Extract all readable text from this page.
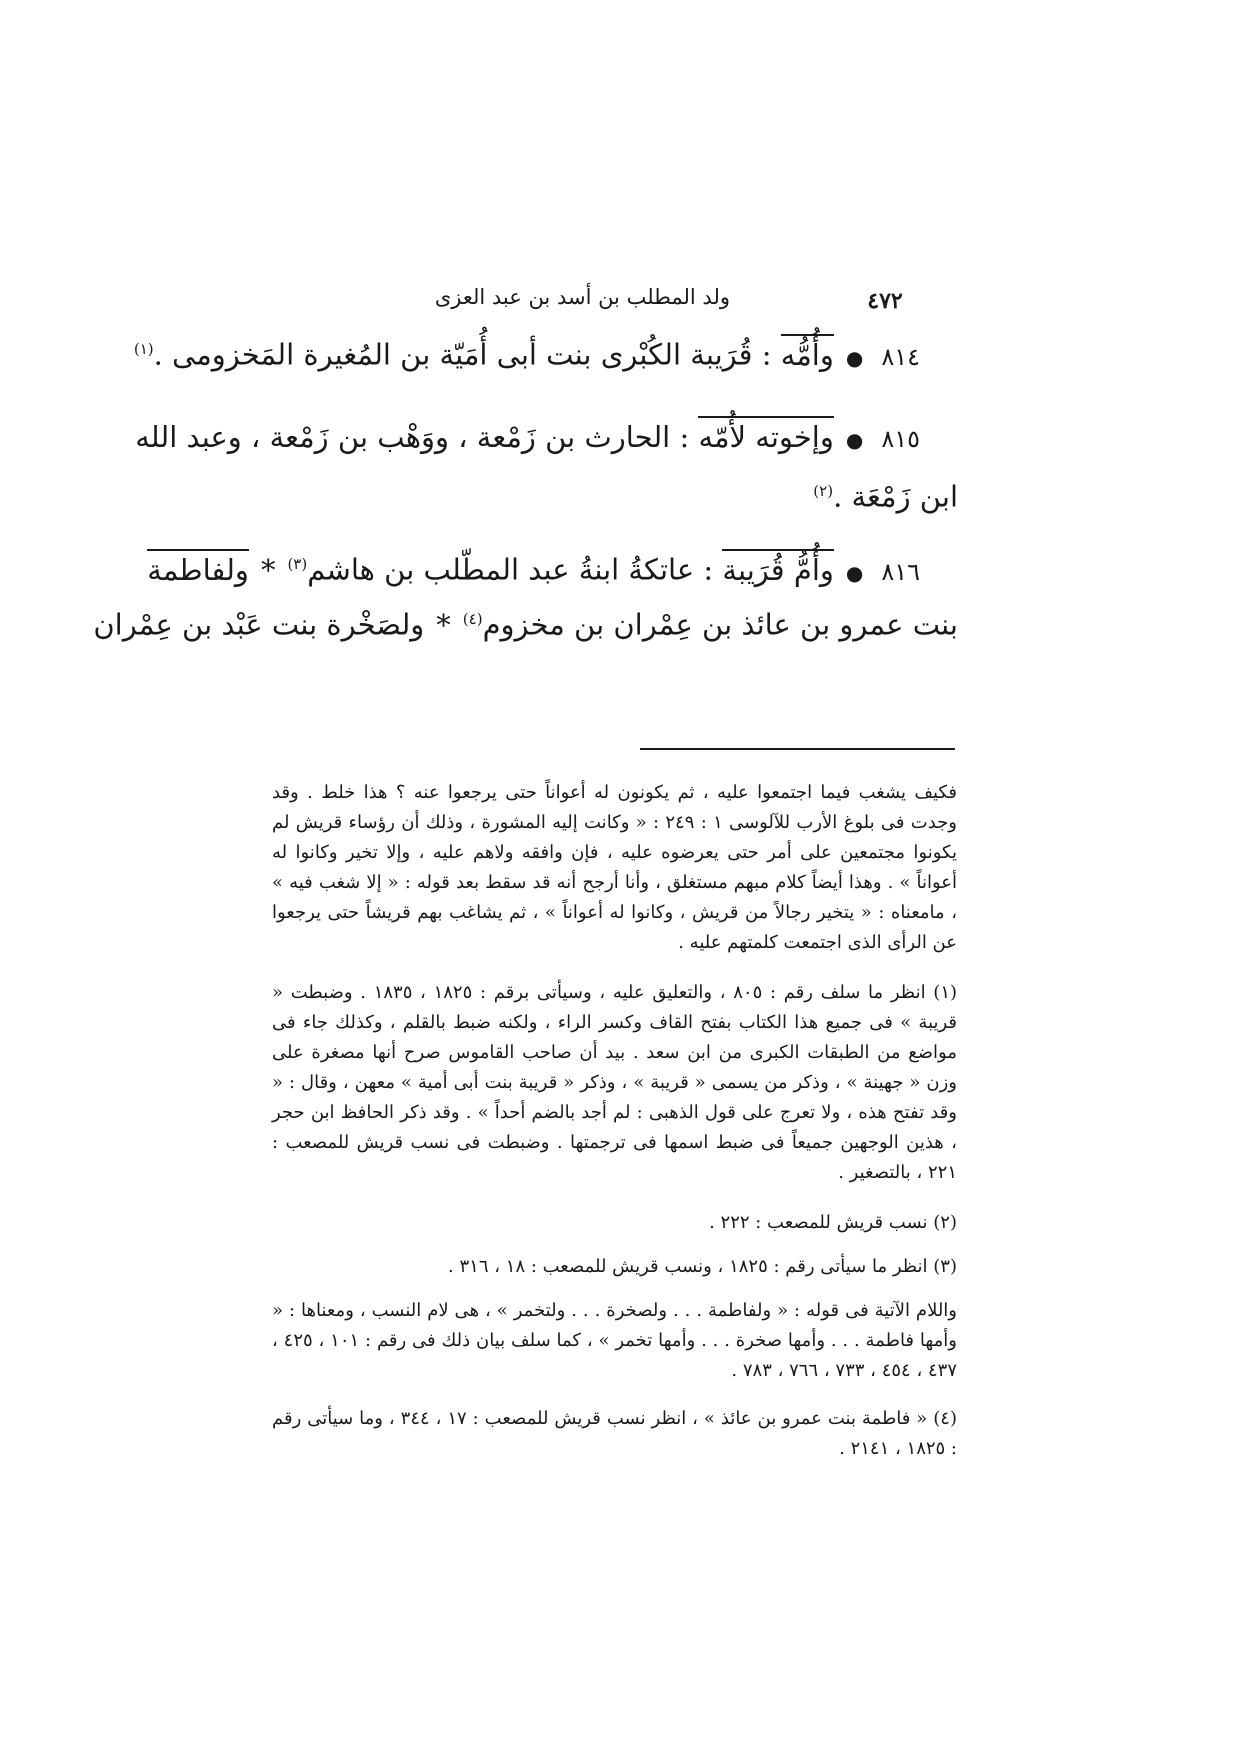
ولد المطلب بن أسد بن عبد العزى	٤٧٢
٨١٤●وأُمُّه : قُرَيبة الكُبْرى بنت أبى أُمَيّة بن المُغيرة المَخزومى .$^{(١)}$
٨١٥●وإخوته لأُمّه : الحارث بن زَمْعة ، ووَهْب بن زَمْعة ، وعبد الله
ابن زَمْعَة .$^{(٢)}$
٨١٦●وأُمُّ قُرَيبة : عاتكةُ ابنةُ عبد المطّلب بن هاشم$^{(٣)}$*ولفاطمة
بنت عمرو بن عائذ بن عِمْران بن مخزوم$^{(٤)}$*ولصَخْرة بنت عَبْد بن عِمْران

فكيف يشغب فيما اجتمعوا عليه ، ثم يكونون له أعواناً حتى يرجعوا عنه ؟ هذا خلط . وقد وجدت فى بلوغ الأرب للآلوسى ١ : ٢٤٩ : « وكانت إليه المشورة ، وذلك أن رؤساء قريش لم يكونوا مجتمعين على أمر حتى يعرضوه عليه ، فإن وافقه ولاهم عليه ، وإلا تخير وكانوا له أعواناً » . وهذا أيضاً كلام مبهم مستغلق ، وأنا أرجح أنه قد سقط بعد قوله : « إلا شغب فيه » ، مامعناه : « يتخير رجالاً من قريش ، وكانوا له أعواناً » ، ثم يشاغب بهم قريشاً حتى يرجعوا عن الرأى الذى اجتمعت كلمتهم عليه .

(١) انظر ما سلف رقم : ٨٠٥ ، والتعليق عليه ، وسيأتى برقم : ١٨٢٥ ، ١٨٣٥ . وضبطت « قريبة » فى جميع هذا الكتاب بفتح القاف وكسر الراء ، ولكنه ضبط بالقلم ، وكذلك جاء فى مواضع من الطبقات الكبرى من ابن سعد . بيد أن صاحب القاموس صرح أنها مصغرة على وزن « جهينة » ، وذكر من يسمى « قريبة » ، وذكر « قريبة بنت أبى أمية » معهن ، وقال : « وقد تفتح هذه ، ولا تعرج على قول الذهبى : لم أجد بالضم أحداً » . وقد ذكر الحافظ ابن حجر ، هذين الوجهين جميعاً فى ضبط اسمها فى ترجمتها . وضبطت فى نسب قريش للمصعب : ٢٢١ ، بالتصغير .

(٢) نسب قريش للمصعب : ٢٢٢ .

(٣) انظر ما سيأتى رقم : ١٨٢٥ ، ونسب قريش للمصعب : ١٨ ، ٣١٦ .

واللام الآتية فى قوله : « ولفاطمة . . . ولصخرة . . . ولتخمر » ، هى لام النسب ، ومعناها : « وأمها فاطمة . . . وأمها صخرة . . . وأمها تخمر » ، كما سلف بيان ذلك فى رقم : ١٠١ ، ٤٢٥ ، ٤٣٧ ، ٤٥٤ ، ٧٣٣ ، ٧٦٦ ، ٧٨٣ .

(٤) « فاطمة بنت عمرو بن عائذ » ، انظر نسب قريش للمصعب : ١٧ ، ٣٤٤ ، وما سيأتى رقم : ١٨٢٥ ، ٢١٤١ .
